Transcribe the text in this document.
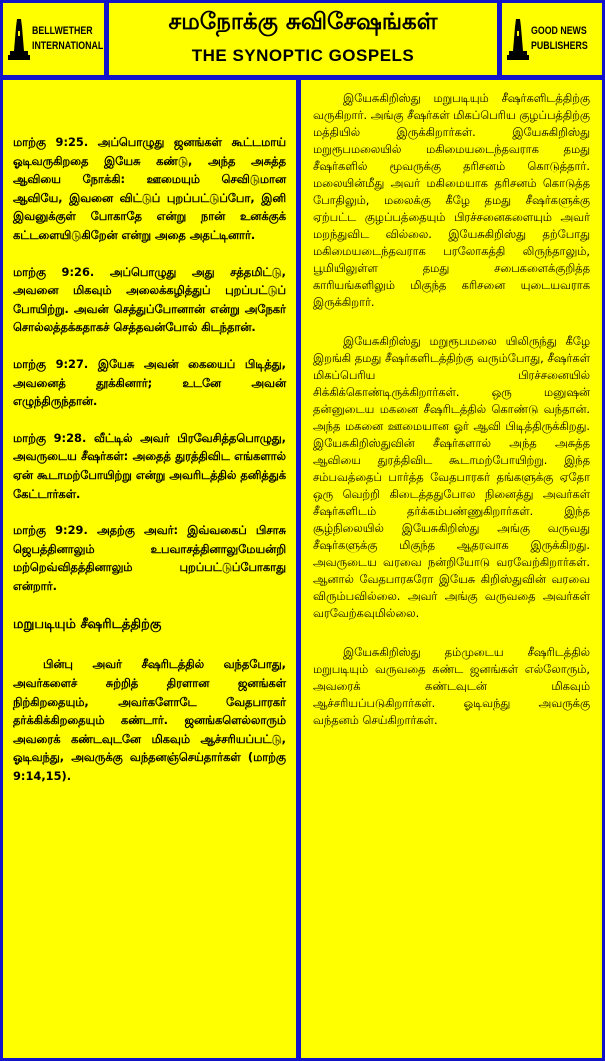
BELLWETHER
INTERNATIONAL
சமநோக்கு சுவிசேஷங்கள்
THE SYNOPTIC GOSPELS
GOOD NEWS
PUBLISHERS

மாற்கு 9:25. அப்பொழுது ஜனங்கள் கூட்டமாய் ஓடிவருகிறதை இயேசு கண்டு, அந்த அசுத்த ஆவியை நோக்கி: ஊமையும் செவிடுமான ஆவியே, இவனை விட்டுப் புறப்பட்டுப்போ, இனி இவனுக்குள் போகாதே என்று நான் உனக்குக் கட்டளையிடுகிறேன் என்று அதை அதட்டினார்.

மாற்கு 9:26. அப்பொழுது அது சத்தமிட்டு, அவனை மிகவும் அலைக்கழித்துப் புறப்பட்டுப் போயிற்று. அவன் செத்துப்போனான் என்று அநேகர் சொல்லத்தக்கதாகச் செத்தவன்போல் கிடந்தான்.

மாற்கு 9:27. இயேசு அவன் கையைப் பிடித்து, அவனைத் தூக்கினார்; உடனே அவன் எழுந்திருந்தான்.

மாற்கு 9:28. வீட்டில் அவர் பிரவேசித்தபொழுது, அவருடைய சீஷர்கள்: அதைத் துரத்திவிட எங்களால் ஏன் கூடாமற்போயிற்று என்று அவரிடத்தில் தனித்துக் கேட்டார்கள்.

மாற்கு 9:29. அதற்கு அவர்: இவ்வகைப் பிசாசு ஜெபத்தினாலும் உபவாசத்தினாலுமேயன்றி மற்றெவ்விதத்தினாலும் புறப்பட்டுப்போகாது என்றார்.

மறுபடியும் சீஷரிடத்திற்கு

பின்பு அவர் சீஷரிடத்தில் வந்தபோது, அவர்களைச் சுற்றித் திரளான ஜனங்கள் நிற்கிறதையும், அவர்களோடே வேதபாரகர் தர்க்கிக்கிறதையும் கண்டார். ஜனங்களெல்லாரும் அவரைக் கண்டவுடனே மிகவும் ஆச்சரியப்பட்டு, ஓடிவந்து, அவருக்கு வந்தனஞ்செய்தார்கள் (மாற்கு 9:14,15).

இயேசுகிறிஸ்து மறுபடியும் சீஷர்களிடத்திற்கு வருகிறார். அங்கு சீஷர்கள் மிகப்பெரிய குழப்பத்திற்கு மத்தியில் இருக்கிறார்கள். இயேசுகிறிஸ்து மறுரூபமலையில் மகிமையடைந்தவராக தமது சீஷர்களில் மூவருக்கு தரிசனம் கொடுத்தார். மலையின்மீது அவர் மகிமையாக தரிசனம் கொடுத்த போதிலும், மலைக்கு கீழே தமது சீஷர்களுக்கு ஏற்பட்ட குழப்பத்தையும் பிரச்சனைகளையும் அவர் மறந்துவிட வில்லை. இயேசுகிறிஸ்து தற்போது மகிமையடைந்தவராக பரலோகத்தி லிருந்தாலும், பூமியிலுள்ள தமது சபைகளைக்குறித்த காரியங்களிலும் மிகுந்த கரிசனை யுடையவராக இருக்கிறார்.

இயேசுகிறிஸ்து மறுரூபமலை யிலிருந்து கீழே இறங்கி தமது சீஷர்களிடத்திற்கு வரும்போது, சீஷர்கள் மிகப்பெரிய பிரச்சனையில் சிக்கிக்கொண்டிருக்கிறார்கள். ஒரு மனுஷன் தன்னுடைய மகனை சீஷரிடத்தில் கொண்டு வந்தான். அந்த மகனை ஊமையான ஓர் ஆவி பிடித்திருக்கிறது. இயேசுகிறிஸ்துவின் சீஷர்களால் அந்த அசுத்த ஆவியை துரத்திவிட கூடாமற்போயிற்று. இந்த சம்பவத்தைப் பார்த்த வேதபாரகர் தங்களுக்கு ஏதோ ஒரு வெற்றி கிடைத்ததுபோல நினைத்து அவர்கள் சீஷர்களிடம் தர்க்கம்பண்ணுகிறார்கள். இந்த சூழ்நிலையில் இயேசுகிறிஸ்து அங்கு வருவது சீஷர்களுக்கு மிகுந்த ஆதரவாக இருக்கிறது. அவருடைய வரவை நன்றியோடு வரவேற்கிறார்கள். ஆனால் வேதபாரகரோ இயேசு கிறிஸ்துவின் வரவை விரும்பவில்லை. அவர் அங்கு வருவதை அவர்கள் வரவேற்கவுமில்லை.

இயேசுகிறிஸ்து தம்முடைய சீஷரிடத்தில் மறுபடியும் வருவதை கண்ட ஜனங்கள் எல்லோரும், அவரைக் கண்டவுடன் மிகவும் ஆச்சரியப்படுகிறார்கள். ஓடிவந்து அவருக்கு வந்தனம் செய்கிறார்கள்.
